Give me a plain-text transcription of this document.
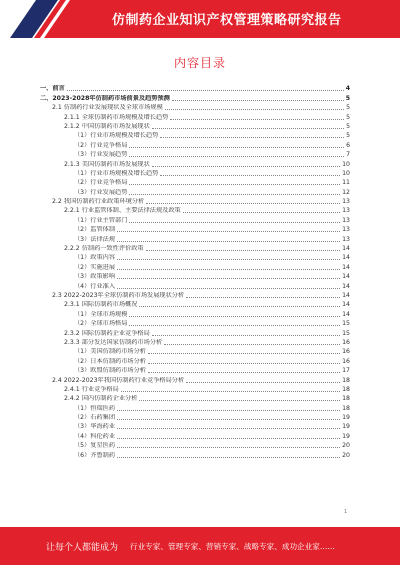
仿制药企业知识产权管理策略研究报告
内容目录
一、前言	4
二、2023-2028年仿制药市场前景及趋势预测	5
2.1 仿制药行业发展现状及全球市场规模	5
2.1.1 全球仿制药市场规模及增长趋势	5
2.1.2 中国仿制药市场发展现状	5
（1）行业市场规模及增长趋势	5
（2）行业竞争格局	6
（3）行业发展趋势	7
2.1.3 美国仿制药市场发展现状	10
（1）行业市场规模及增长趋势	10
（2）行业竞争格局	11
（3）行业发展趋势	12
2.2 我国仿制药行业政策环境分析	13
2.2.1 行业监管体制、主要法律法规及政策	13
（1）行业主管部门	13
（2）监管体制	13
（3）法律法规	13
2.2.2 仿制药一致性评价政策	14
（1）政策内容	14
（2）实施进展	14
（3）政策影响	14
（4）行业准入	14
2.3 2022-2023年全球仿制药市场发展现状分析	14
2.3.1 国际仿制药市场概况	14
（1）全球市场规模	14
（2）全球市场格局	15
2.3.2 国际仿制药企业竞争格局	15
2.3.3 部分发达国家仿制药市场分析	16
（1）美国仿制药市场分析	16
（2）日本仿制药市场分析	16
（3）欧盟仿制药市场分析	17
2.4 2022-2023年我国仿制药行业竞争格局分析	18
2.4.1 行业竞争格局	18
2.4.2 国内仿制药企业分析	18
（1）恒瑞医药	18
（2）石药集团	19
（3）华海药业	19
（4）科伦药业	19
（5）复星医药	20
（6）齐鲁制药	20
1
让每个人都能成为 行业专家、管理专家、营销专家、战略专家、成功企业家……
